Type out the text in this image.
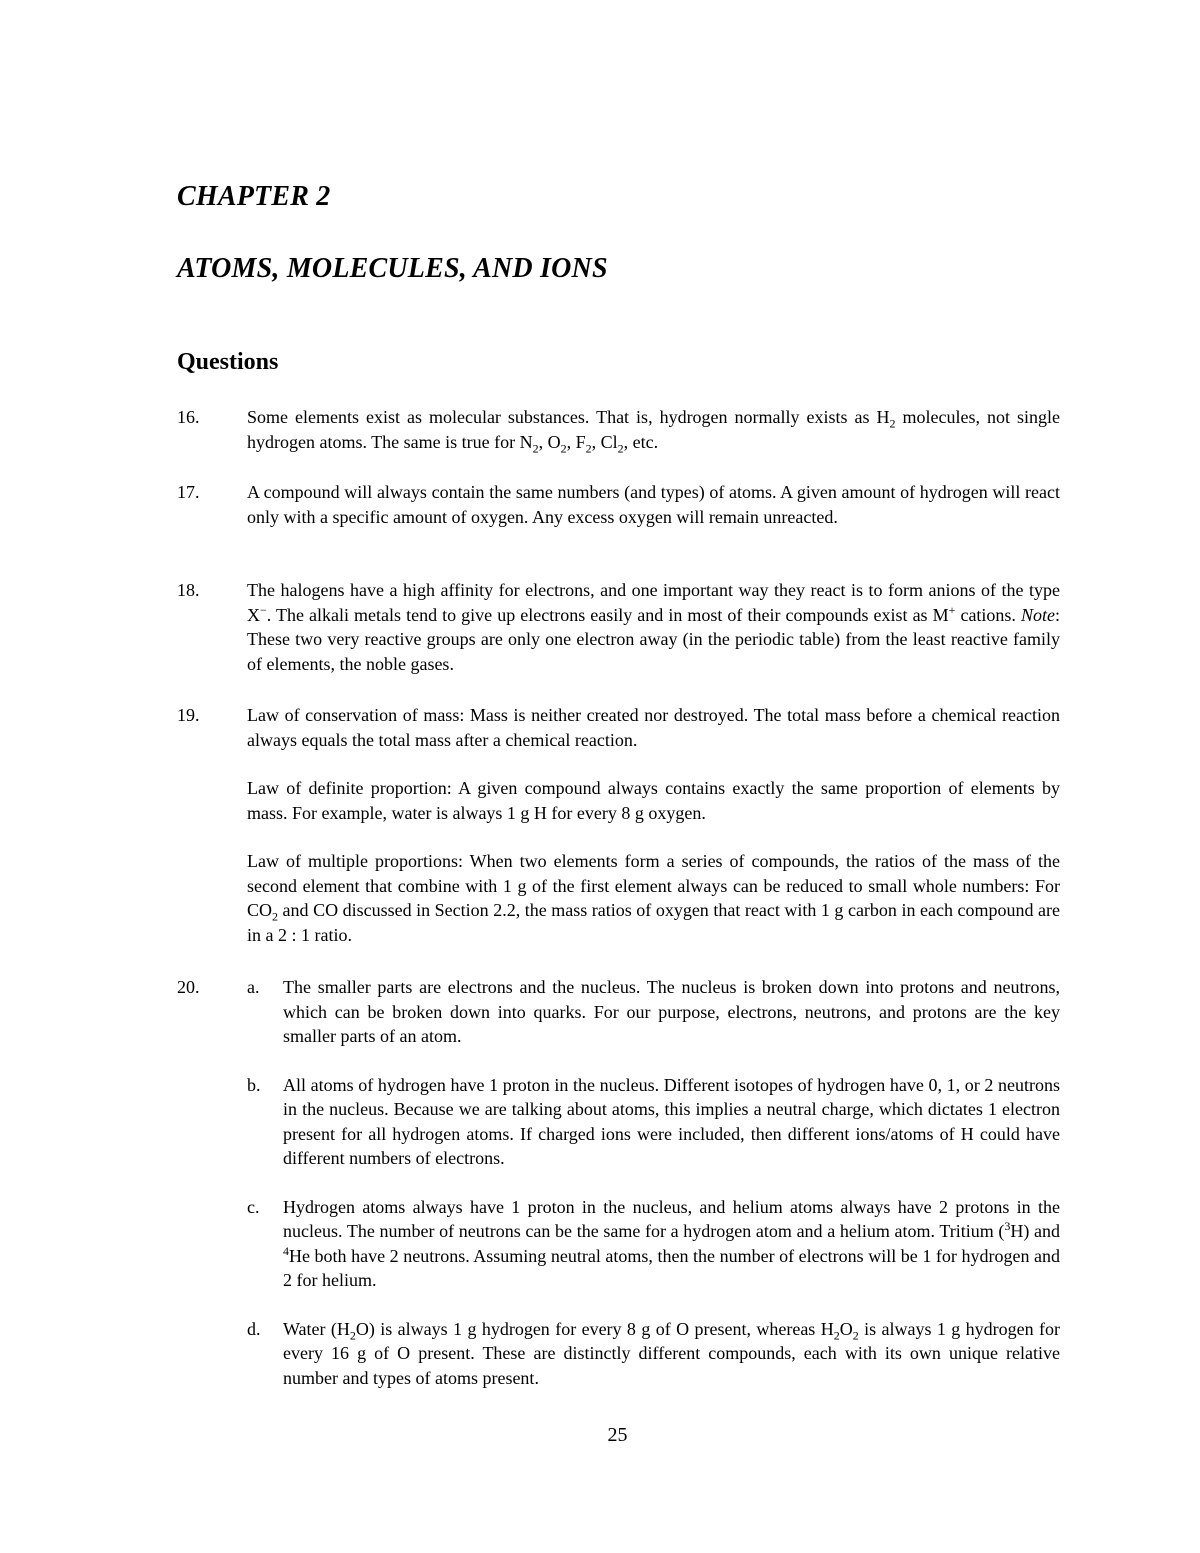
CHAPTER 2
ATOMS, MOLECULES, AND IONS
Questions
16.	Some elements exist as molecular substances. That is, hydrogen normally exists as $H_2$ molecules, not single hydrogen atoms. The same is true for $N_2$, $O_2$, $F_2$, $Cl_2$, etc.
17.	A compound will always contain the same numbers (and types) of atoms. A given amount of hydrogen will react only with a specific amount of oxygen. Any excess oxygen will remain unreacted.
18.	The halogens have a high affinity for electrons, and one important way they react is to form anions of the type X−. The alkali metals tend to give up electrons easily and in most of their compounds exist as M+ cations. Note: These two very reactive groups are only one electron away (in the periodic table) from the least reactive family of elements, the noble gases.
19.	Law of conservation of mass: Mass is neither created nor destroyed. The total mass before a chemical reaction always equals the total mass after a chemical reaction.

Law of definite proportion: A given compound always contains exactly the same proportion of elements by mass. For example, water is always 1 g H for every 8 g oxygen.

Law of multiple proportions: When two elements form a series of compounds, the ratios of the mass of the second element that combine with 1 g of the first element always can be reduced to small whole numbers: For $CO_2$ and CO discussed in Section 2.2, the mass ratios of oxygen that react with 1 g carbon in each compound are in a 2 : 1 ratio.

20.	a. The smaller parts are electrons and the nucleus. The nucleus is broken down into protons and neutrons, which can be broken down into quarks. For our purpose, electrons, neutrons, and protons are the key smaller parts of an atom.
b. All atoms of hydrogen have 1 proton in the nucleus. Different isotopes of hydrogen have 0, 1, or 2 neutrons in the nucleus. Because we are talking about atoms, this implies a neutral charge, which dictates 1 electron present for all hydrogen atoms. If charged ions were included, then different ions/atoms of H could have different numbers of electrons.
c. Hydrogen atoms always have 1 proton in the nucleus, and helium atoms always have 2 protons in the nucleus. The number of neutrons can be the same for a hydrogen atom and a helium atom. Tritium ($^3$H) and $^4$He both have 2 neutrons. Assuming neutral atoms, then the number of electrons will be 1 for hydrogen and 2 for helium.
d. Water $(H_2O)$ is always 1 g hydrogen for every 8 g of O present, whereas $H_2O_2$ is always 1 g hydrogen for every 16 g of O present. These are distinctly different compounds, each with its own unique relative number and types of atoms present.
25
